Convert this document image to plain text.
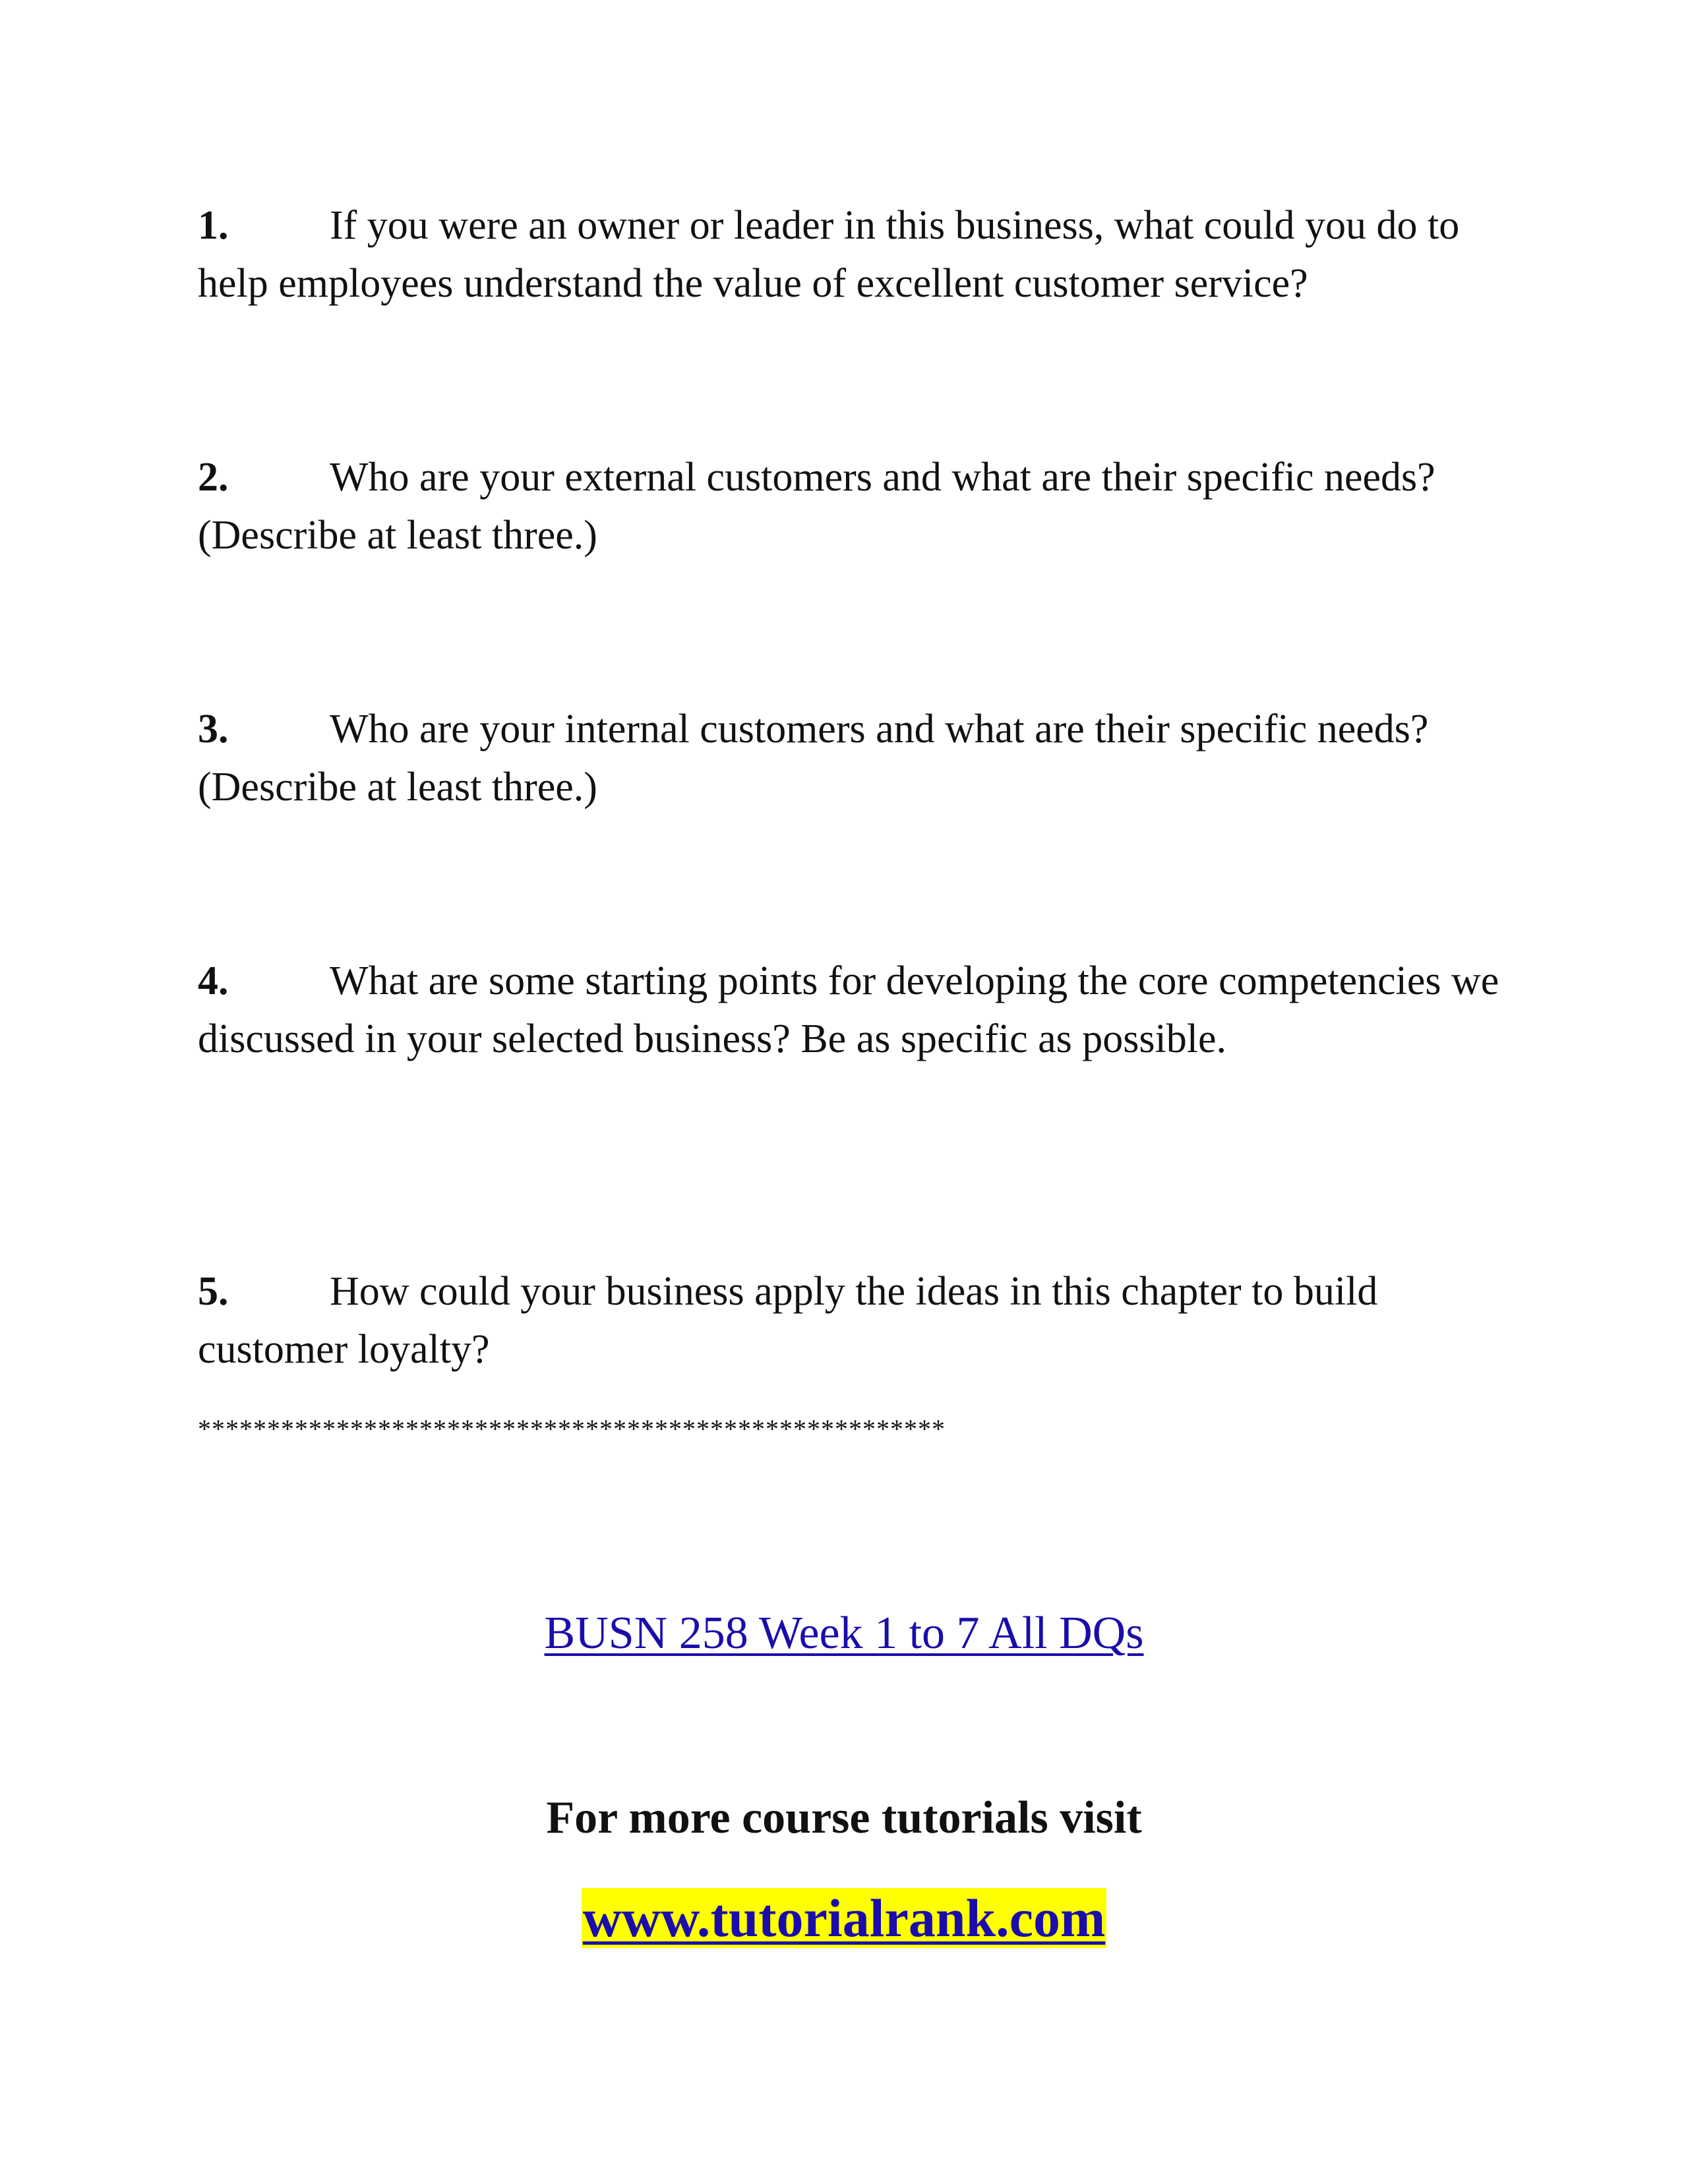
1. If you were an owner or leader in this business, what could you do to help employees understand the value of excellent customer service?
2. Who are your external customers and what are their specific needs? (Describe at least three.)
3. Who are your internal customers and what are their specific needs? (Describe at least three.)
4. What are some starting points for developing the core competencies we discussed in your selected business? Be as specific as possible.
5. How could your business apply the ideas in this chapter to build customer loyalty?
******************************************************
BUSN 258 Week 1 to 7 All DQs
For more course tutorials visit
www.tutorialrank.com
